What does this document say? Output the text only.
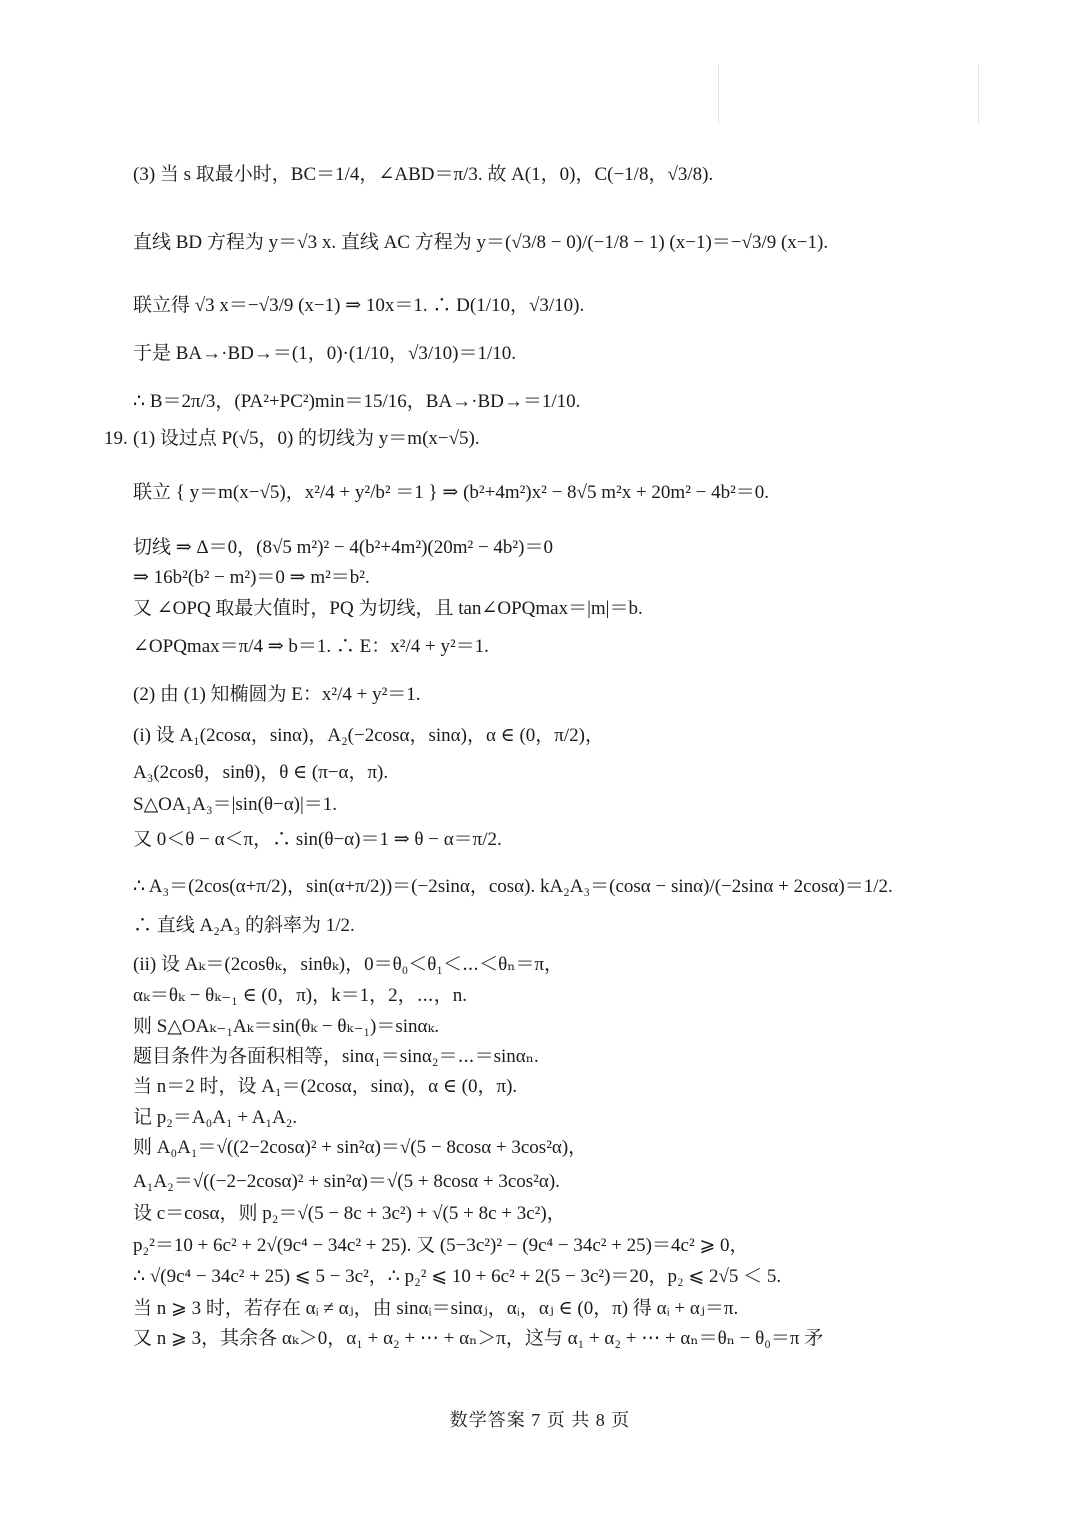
(3) 当 s 取最小时，BC＝1/4，∠ABD＝π/3. 故 A(1，0)，C(−1/8，√3/8).
直线 BD 方程为 y＝√3 x. 直线 AC 方程为 y＝(√3/8 − 0)/(−1/8 − 1) (x−1)＝−√3/9 (x−1).
联立得 √3 x＝−√3/9 (x−1) ⇒ 10x＝1. ∴ D(1/10，√3/10).
于是 BA→·BD→＝(1，0)·(1/10，√3/10)＝1/10.
∴ B＝2π/3，(PA²+PC²)min＝15/16，BA→·BD→＝1/10.
19. (1) 设过点 P(√5，0) 的切线为 y＝m(x−√5).
联立 { y＝m(x−√5)，x²/4 + y²/b² ＝1 } ⇒ (b²+4m²)x² − 8√5 m²x + 20m² − 4b²＝0.
切线 ⇒ Δ＝0，(8√5 m²)² − 4(b²+4m²)(20m² − 4b²)＝0
⇒ 16b²(b² − m²)＝0 ⇒ m²＝b².
又 ∠OPQ 取最大值时，PQ 为切线，且 tan∠OPQmax＝|m|＝b.
∠OPQmax＝π/4 ⇒ b＝1. ∴ E：x²/4 + y²＝1.
(2) 由 (1) 知椭圆为 E：x²/4 + y²＝1.
(i) 设 A₁(2cosα，sinα)，A₂(−2cosα，sinα)，α ∈ (0，π/2)，
A₃(2cosθ，sinθ)，θ ∈ (π−α，π).
S△OA₁A₃＝|sin(θ−α)|＝1.
又 0＜θ − α＜π，∴ sin(θ−α)＝1 ⇒ θ − α＝π/2.
∴ A₃＝(2cos(α+π/2)，sin(α+π/2))＝(−2sinα，cosα). kA₂A₃＝(cosα − sinα)/(−2sinα + 2cosα)＝1/2.
∴ 直线 A₂A₃ 的斜率为 1/2.
(ii) 设 Aₖ＝(2cosθₖ，sinθₖ)，0＝θ₀＜θ₁＜⋯＜θₙ＝π，
αₖ＝θₖ − θₖ₋₁ ∈ (0，π)，k＝1，2，⋯，n.
则 S△OAₖ₋₁Aₖ＝sin(θₖ − θₖ₋₁)＝sinαₖ.
题目条件为各面积相等，sinα₁＝sinα₂＝⋯＝sinαₙ.
当 n＝2 时，设 A₁＝(2cosα，sinα)，α ∈ (0，π).
记 p₂＝A₀A₁ + A₁A₂.
则 A₀A₁＝√((2−2cosα)² + sin²α)＝√(5 − 8cosα + 3cos²α)，
A₁A₂＝√((−2−2cosα)² + sin²α)＝√(5 + 8cosα + 3cos²α).
设 c＝cosα，则 p₂＝√(5 − 8c + 3c²) + √(5 + 8c + 3c²)，
p₂²＝10 + 6c² + 2√(9c⁴ − 34c² + 25). 又 (5−3c²)² − (9c⁴ − 34c² + 25)＝4c² ⩾ 0，
∴ √(9c⁴ − 34c² + 25) ⩽ 5 − 3c²，∴ p₂² ⩽ 10 + 6c² + 2(5 − 3c²)＝20，p₂ ⩽ 2√5 ＜ 5.
当 n ⩾ 3 时，若存在 αᵢ ≠ αⱼ，由 sinαᵢ＝sinαⱼ，αᵢ，αⱼ ∈ (0，π) 得 αᵢ + αⱼ＝π.
又 n ⩾ 3，其余各 αₖ＞0，α₁ + α₂ + ⋯ + αₙ＞π，这与 α₁ + α₂ + ⋯ + αₙ＝θₙ − θ₀＝π 矛
数学答案 7 页 共 8 页
